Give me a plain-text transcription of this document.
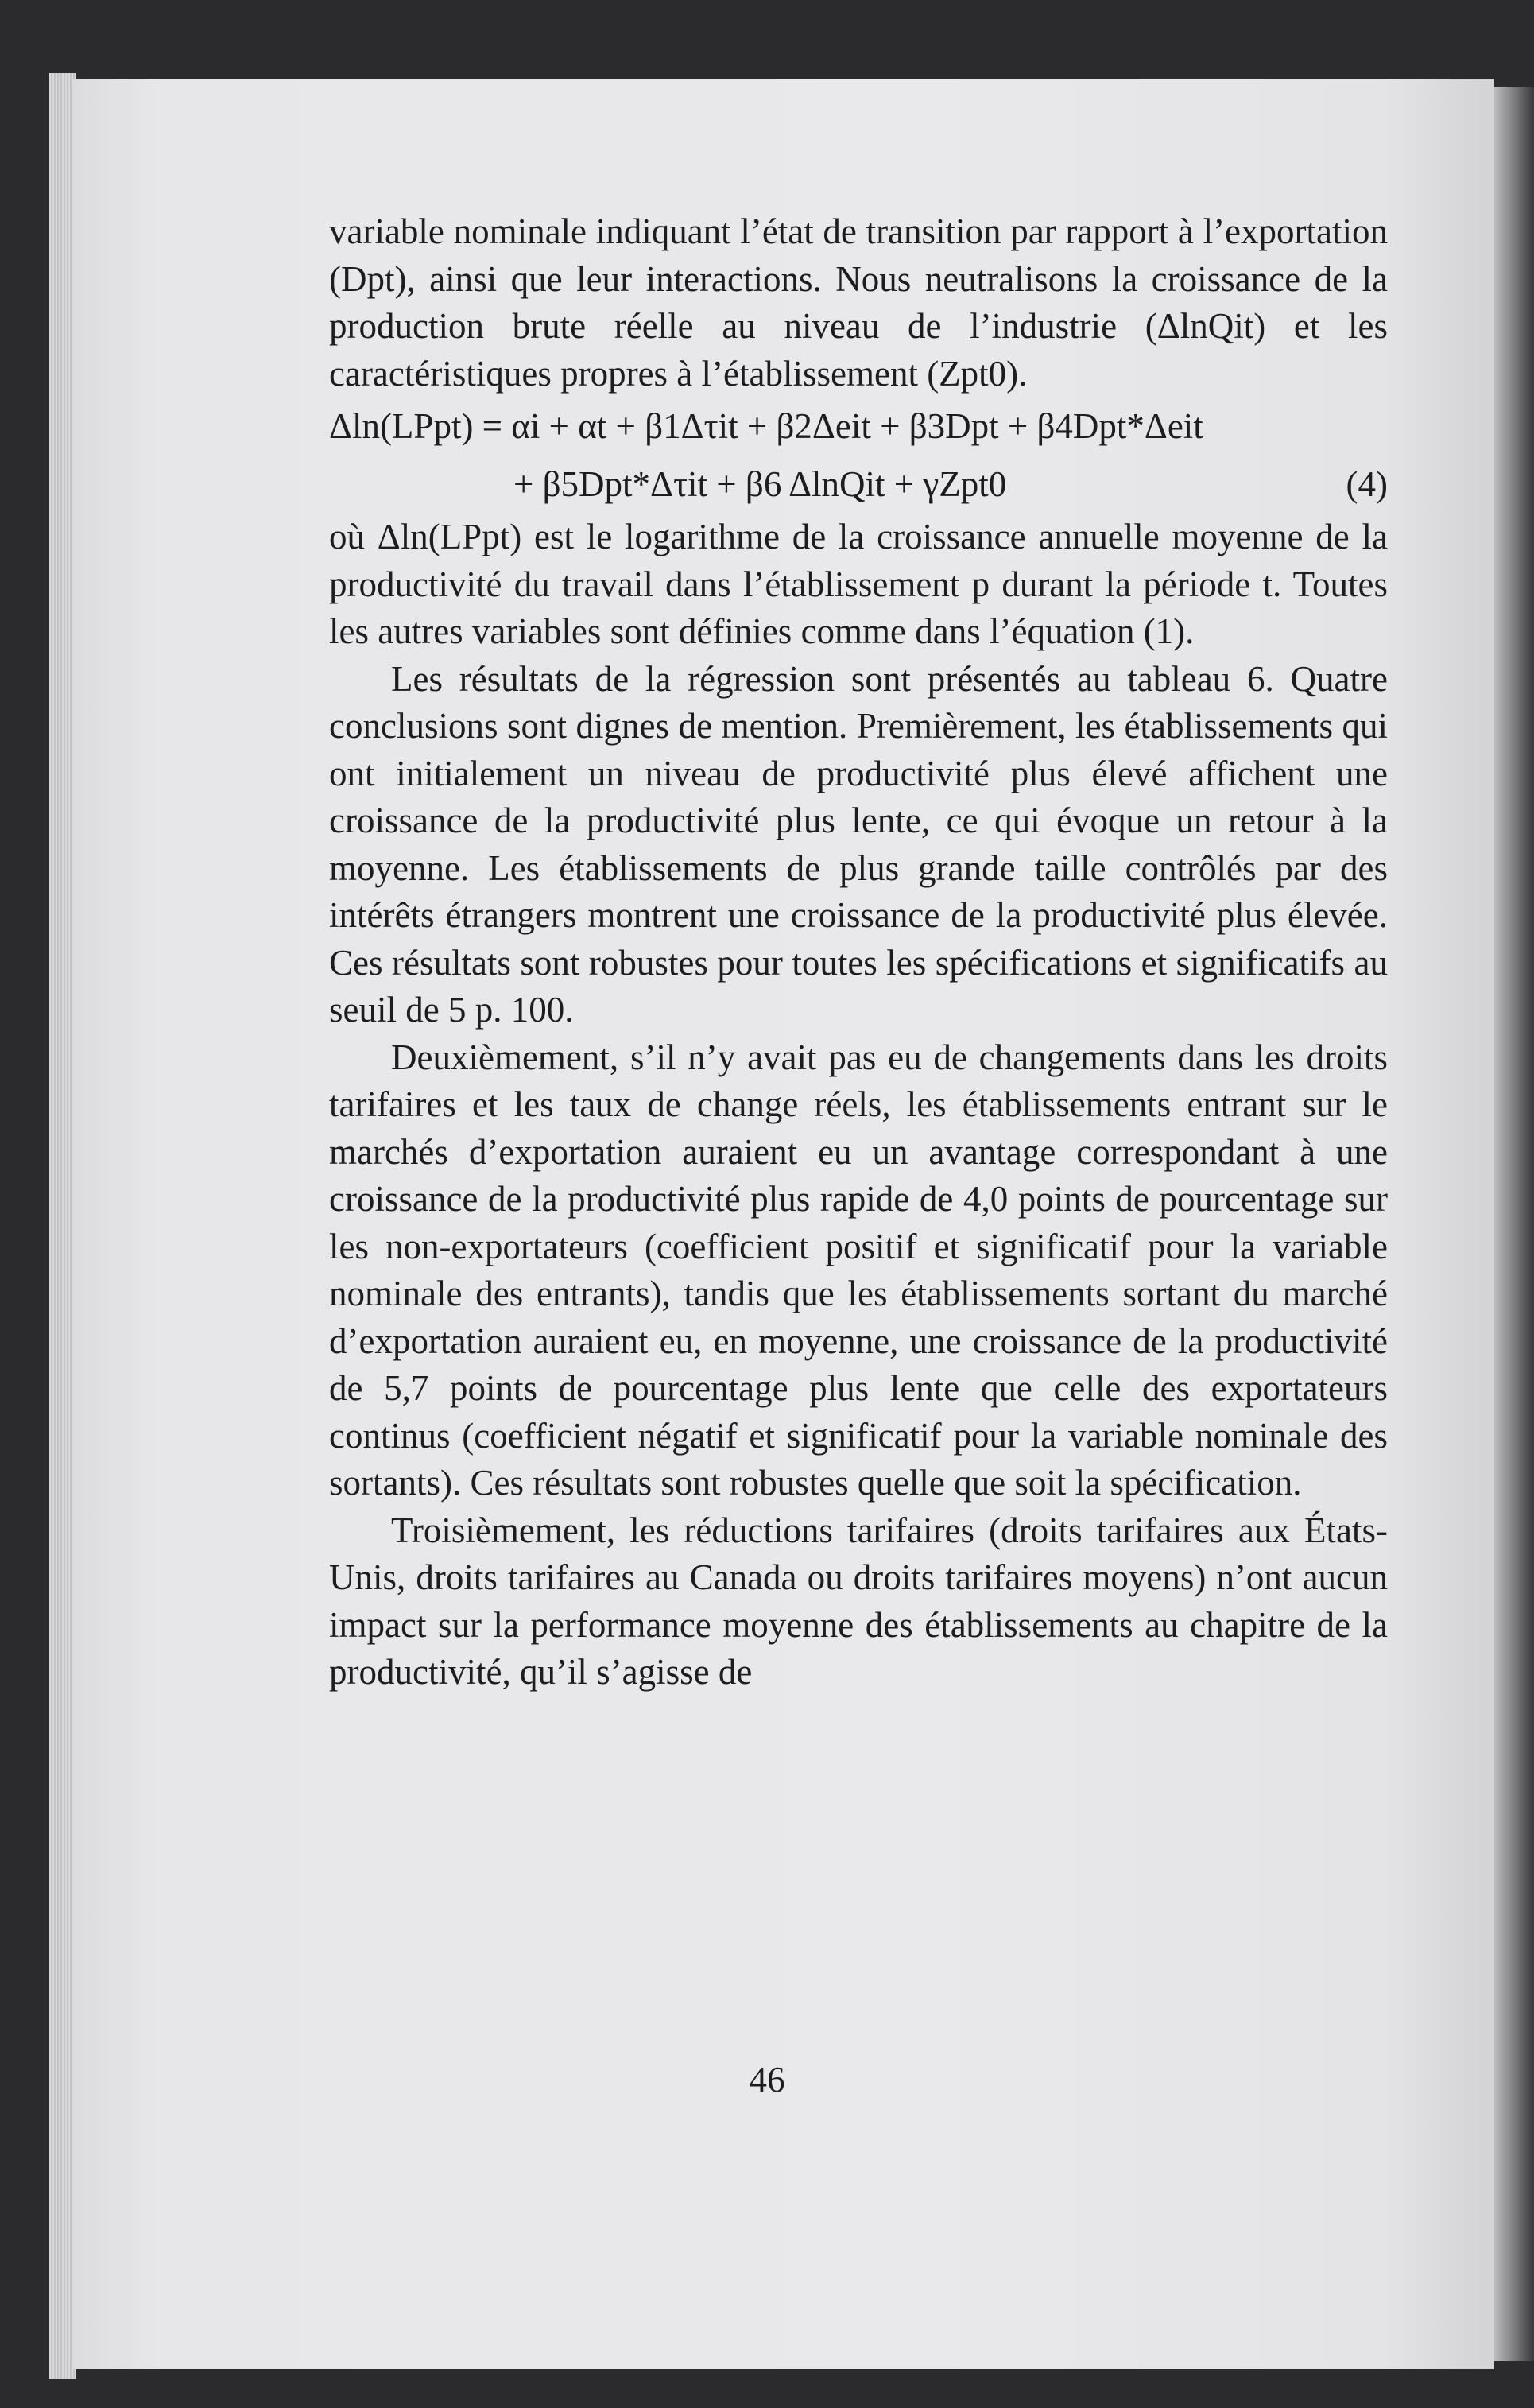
variable nominale indiquant l’état de transition par rapport à l’exportation (Dpt), ainsi que leur interactions. Nous neutralisons la croissance de la production brute réelle au niveau de l’industrie (ΔlnQit) et les caractéristiques propres à l’établissement (Zpt0).

Δln(LPpt) = αi + αt + β1Δτit + β2Δeit + β3Dpt + β4Dpt*Δeit
+ β5Dpt*Δτit + β6 ΔlnQit + γZpt0	(4)

où Δln(LPpt) est le logarithme de la croissance annuelle moyenne de la productivité du travail dans l’établissement p durant la période t. Toutes les autres variables sont définies comme dans l’équation (1).

Les résultats de la régression sont présentés au tableau 6. Quatre conclusions sont dignes de mention. Premièrement, les établissements qui ont initialement un niveau de productivité plus élevé affichent une croissance de la productivité plus lente, ce qui évoque un retour à la moyenne. Les établissements de plus grande taille contrôlés par des intérêts étrangers montrent une croissance de la productivité plus élevée. Ces résultats sont robustes pour toutes les spécifications et significatifs au seuil de 5 p. 100.

Deuxièmement, s’il n’y avait pas eu de changements dans les droits tarifaires et les taux de change réels, les établissements entrant sur le marchés d’exportation auraient eu un avantage correspondant à une croissance de la productivité plus rapide de 4,0 points de pourcentage sur les non-exportateurs (coefficient positif et significatif pour la variable nominale des entrants), tandis que les établissements sortant du marché d’exportation auraient eu, en moyenne, une croissance de la productivité de 5,7 points de pourcentage plus lente que celle des exportateurs continus (coefficient négatif et significatif pour la variable nominale des sortants). Ces résultats sont robustes quelle que soit la spécification.

Troisièmement, les réductions tarifaires (droits tarifaires aux États-Unis, droits tarifaires au Canada ou droits tarifaires moyens) n’ont aucun impact sur la performance moyenne des établissements au chapitre de la productivité, qu’il s’agisse de

46
